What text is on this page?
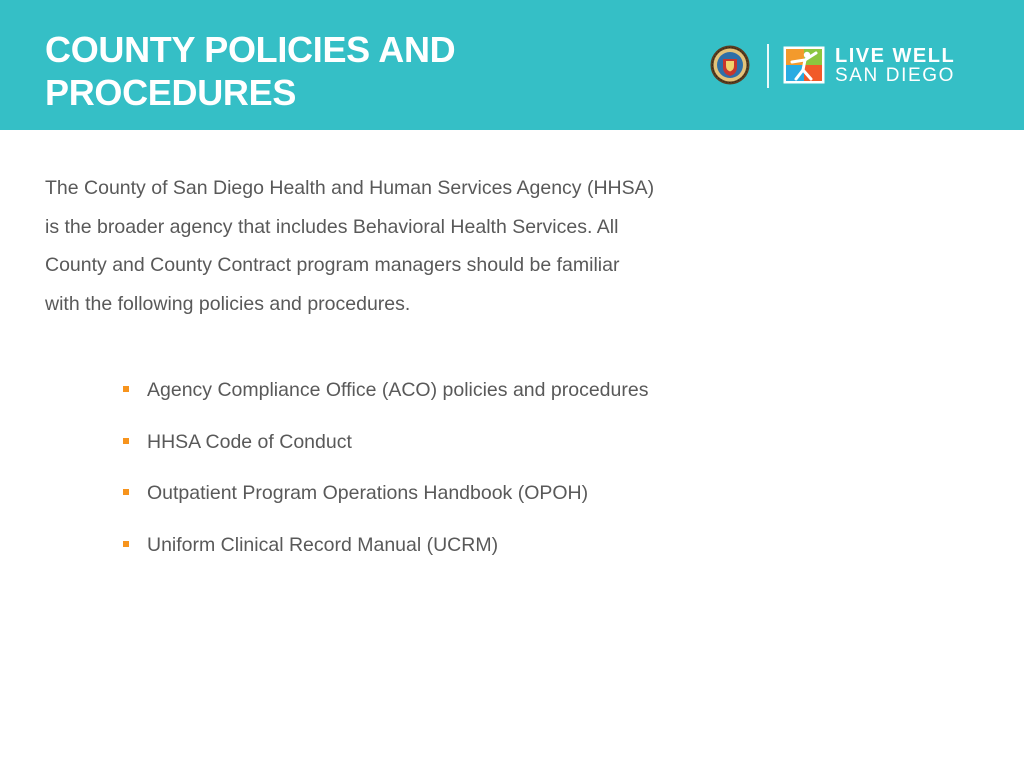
COUNTY POLICIES AND
PROCEDURES
LIVE WELL
SAN DIEGO

The County of San Diego Health and Human Services Agency (HHSA) is the broader agency that includes Behavioral Health Services. All County and County Contract program managers should be familiar with the following policies and procedures.

Agency Compliance Office (ACO) policies and procedures
HHSA Code of Conduct
Outpatient Program Operations Handbook (OPOH)
Uniform Clinical Record Manual (UCRM)
